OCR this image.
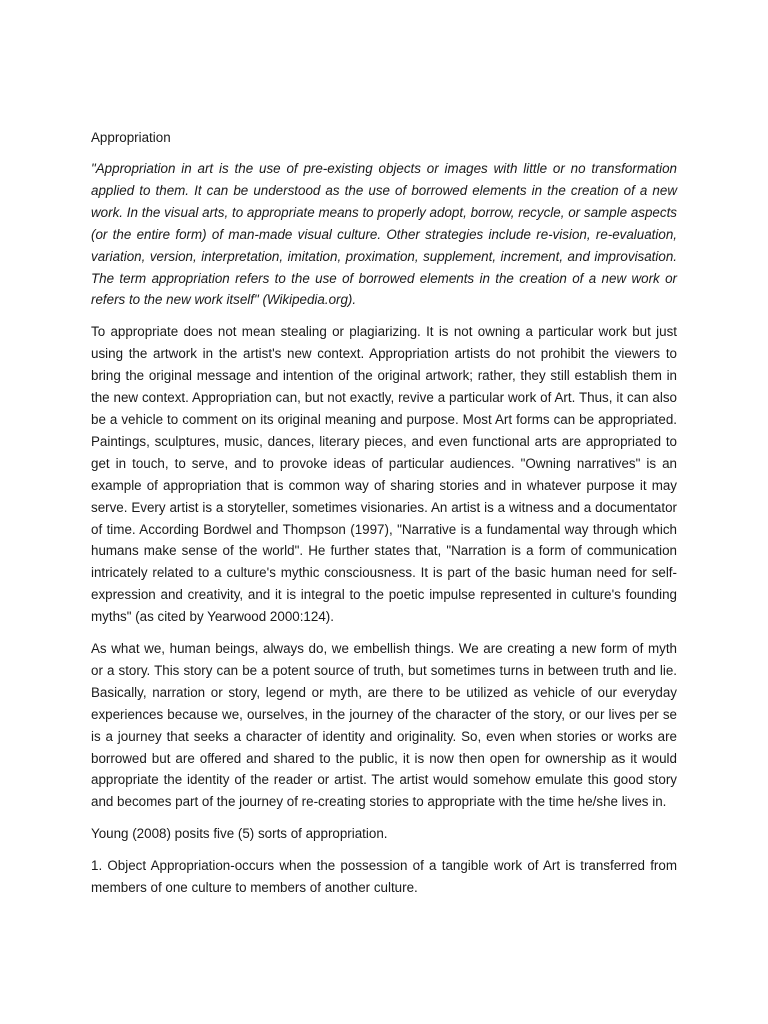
Appropriation

"Appropriation in art is the use of pre-existing objects or images with little or no transformation applied to them. It can be understood as the use of borrowed elements in the creation of a new work. In the visual arts, to appropriate means to properly adopt, borrow, recycle, or sample aspects (or the entire form) of man-made visual culture. Other strategies include re-vision, re-evaluation, variation, version, interpretation, imitation, proximation, supplement, increment, and improvisation. The term appropriation refers to the use of borrowed elements in the creation of a new work or refers to the new work itself" (Wikipedia.org).

To appropriate does not mean stealing or plagiarizing. It is not owning a particular work but just using the artwork in the artist's new context. Appropriation artists do not prohibit the viewers to bring the original message and intention of the original artwork; rather, they still establish them in the new context. Appropriation can, but not exactly, revive a particular work of Art. Thus, it can also be a vehicle to comment on its original meaning and purpose. Most Art forms can be appropriated. Paintings, sculptures, music, dances, literary pieces, and even functional arts are appropriated to get in touch, to serve, and to provoke ideas of particular audiences. "Owning narratives" is an example of appropriation that is common way of sharing stories and in whatever purpose it may serve. Every artist is a storyteller, sometimes visionaries. An artist is a witness and a documentator of time. According Bordwel and Thompson (1997), "Narrative is a fundamental way through which humans make sense of the world". He further states that, "Narration is a form of communication intricately related to a culture's mythic consciousness. It is part of the basic human need for self-expression and creativity, and it is integral to the poetic impulse represented in culture's founding myths" (as cited by Yearwood 2000:124).

As what we, human beings, always do, we embellish things. We are creating a new form of myth or a story. This story can be a potent source of truth, but sometimes turns in between truth and lie. Basically, narration or story, legend or myth, are there to be utilized as vehicle of our everyday experiences because we, ourselves, in the journey of the character of the story, or our lives per se is a journey that seeks a character of identity and originality. So, even when stories or works are borrowed but are offered and shared to the public, it is now then open for ownership as it would appropriate the identity of the reader or artist. The artist would somehow emulate this good story and becomes part of the journey of re-creating stories to appropriate with the time he/she lives in.

Young (2008) posits five (5) sorts of appropriation.

1. Object Appropriation-occurs when the possession of a tangible work of Art is transferred from members of one culture to members of another culture.
